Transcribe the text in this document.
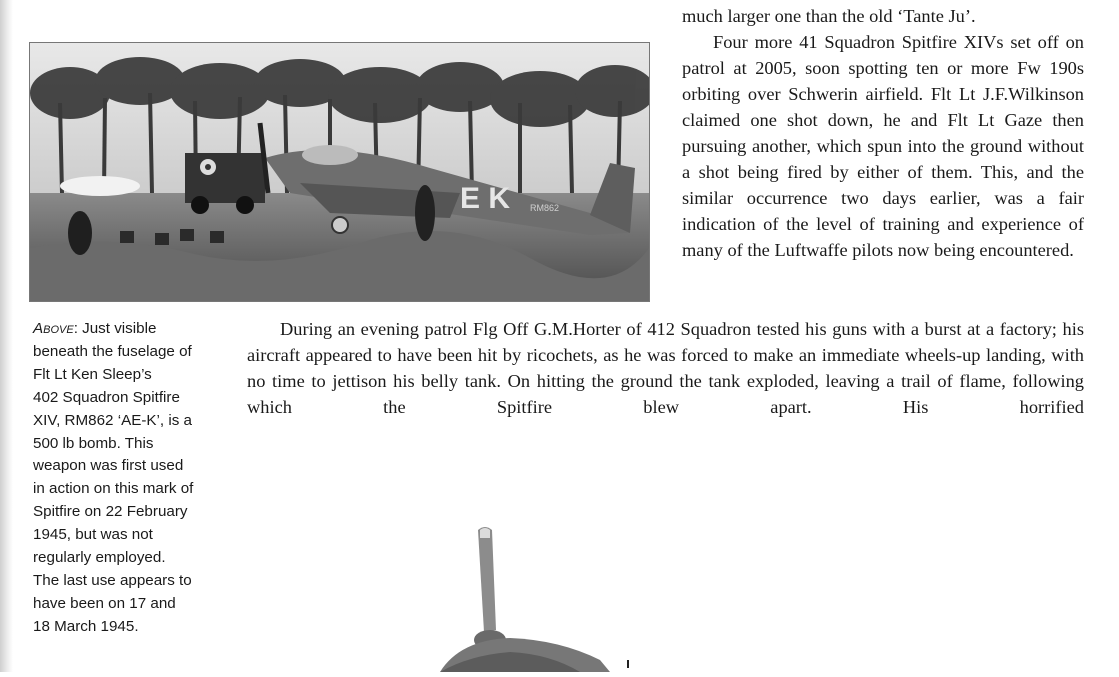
E K RM862

much larger one than the old ‘Tante Ju’.

Four more 41 Squadron Spitfire XIVs set off on patrol at 2005, soon spotting ten or more Fw 190s orbiting over Schwerin airfield. Flt Lt J.F.Wilkinson claimed one shot down, he and Flt Lt Gaze then pursuing another, which spun into the ground without a shot being fired by either of them. This, and the similar occurrence two days earlier, was a fair indication of the level of training and experience of many of the Luftwaffe pilots now being encountered.

Above: Just visible
beneath the fuselage of
Flt Lt Ken Sleep’s
402 Squadron Spitfire
XIV, RM862 ‘AE-K’, is a
500 lb bomb. This
weapon was first used
in action on this mark of
Spitfire on 22 February
1945, but was not
regularly employed.
The last use appears to
have been on 17 and
18 March 1945.

During an evening patrol Flg Off G.M.Horter of 412 Squadron tested his guns with a burst at a factory; his aircraft appeared to have been hit by ricochets, as he was forced to make an immediate wheels-up landing, with no time to jettison his belly tank. On hitting the ground the tank exploded, leaving a trail of flame, following which the Spitfire blew apart. His horrified
